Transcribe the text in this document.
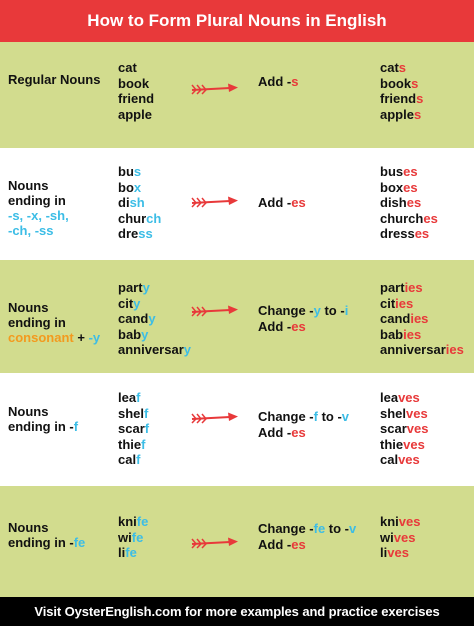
How to Form Plural Nouns in English
Regular Nouns
cat
book
friend
apple
Add -s
cats
books
friends
apples
Nouns
ending in
-s, -x, -sh,
-ch, -ss
bus
box
dish
church
dress
Add -es
buses
boxes
dishes
churches
dresses
Nouns
ending in
consonant + -y
party
city
candy
baby
anniversary
Change -y to -i
Add -es
parties
cities
candies
babies
anniversaries
Nouns
ending in -f
leaf
shelf
scarf
thief
calf
Change -f to -v
Add -es
leaves
shelves
scarves
thieves
calves
Nouns
ending in -fe
knife
wife
life
Change -fe to -v
Add -es
knives
wives
lives
Visit OysterEnglish.com for more examples and practice exercises
